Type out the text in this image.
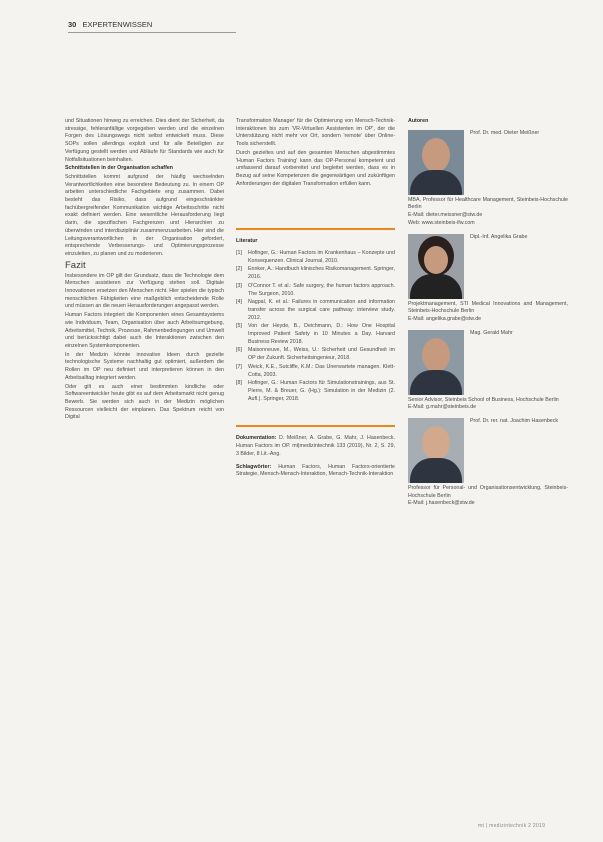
30 EXPERTENWISSEN

und Situationen hinweg zu erreichen. Dies dient der Sicherheit, da stressige, fehleranfällige vorgegeben werden und die einzelnen Forgen des Lösungswegs nicht selbst entwickelt muss. Diese SOPs sollen allerdings explizit und für alle Beteiligten zur Verfügung gestellt werden und Abläufe für Standards wie auch für Notfallsituationen beinhalten.

Schnittstellen in der Organisation schaffen

Schnittstellen kommt aufgrund der häufig wechselnden Verantwortlichkeiten eine besondere Bedeutung zu. In einem OP arbeiten unterschiedliche Fachgebiete eng zusammen. Dabei besteht das Risiko, dass aufgrund eingeschränkter fachübergreifender Kommunikation wichtige Arbeitsschritte nicht exakt definiert werden. Eine wesentliche Herausforderung liegt darin, die spezifischen Fachgrenzen und Hierarchien zu überwinden und interdisziplinär zusammenzuarbeiten. Hier sind die Leitungsverantwortlichen in der Organisation gefordert, entsprechende Verbesserungs- und Optimierungsprozesse einzuleiten, zu planen und zu moderieren.

Fazit

Insbesondere im OP gilt der Grundsatz, dass die Technologie dem Menschen assistieren zur Verfügung stehen soll. Digitale Innovationen ersetzen den Menschen nicht. Hier spielen die typisch menschlichen Fähigkeiten eine maßgeblich entscheidende Rolle und müssen an die neuen Herausforderungen angepasst werden.

Human Factors integriert die Komponenten eines Gesamtsystems wie Individuum, Team, Organisation über auch Arbeitsumgebung, Arbeitsmittel, Technik, Prozesse, Rahmenbedingungen und Umwelt und berücksichtigt dabei auch die Interaktionen zwischen den einzelnen Systemkomponenten.

In der Medizin könnte innovative Ideen durch gezielte technologische Systeme nachhaltig gut optimiert, außerdem die Rollen im OP neu definiert und interpretieren können in den Arbeitsalltag integriert werden.

Oder gilt es auch einer bestimmten kindliche oder Softwareentwickler heute gibt es auf dem Arbeitsmarkt nicht genug Bewerb. Sie werden sich auch in der Medizin möglichen Ressourcen vielleicht der einplanen. Das Spektrum reicht von Digital

Transformation Manager' für die Optimierung von Mensch-Technik-Interaktionen bis zum 'VR-Virtuellen Assistenten im OP', der die Unterstützung nicht mehr vor Ort, sondern 'remote' über Online-Tools sicherstellt.

Durch gezieltes und auf den gesamten Menschen abgestimmtes 'Human Factors Training' kann das OP-Personal kompetent und umfassend darauf vorbereitet und begleitet werden, dass es in Bezug auf seine Kompetenzen die gegenwärtigen und zukünftigen Anforderungen der digitalen Transformation erfüllen kann.

Literatur
[1]	Hofinger, G.: Human Factors im Krankenhaus – Konzepte und Konsequenzen. Clinical Journal, 2010.
[2]	Ennker, A.: Handbuch klinisches Risikomanagement. Springer, 2016.
[3]	O'Connor T. et al.: Safe surgery, the human factors approach. The Surgeon, 2010.
[4]	Nagpal, K. et al.: Failures in communication and information transfer across the surgical care pathway: interview study. 2012.
[5]	Von der Heyde, B., Deichmann, D.: How One Hospital Improved Patient Safety in 10 Minutes a Day. Harvard Business Review 2018.
[6]	Maisonneuve, M., Weiss, U.: Sicherheit und Gesundheit im OP der Zukunft. Sicherheitsingenieur, 2018.
[7]	Weick, K.E., Sutcliffe, K.M.: Das Unerwartete managen. Klett-Cotta, 2003.
[8]	Hofinger, G.: Human Factors für Simulationstrainings, aus St. Pierre, M. & Breuer, G. (Hg.): Simulation in der Medizin (2. Aufl.). Springer, 2018.

Dokumentation: D. Meißner, A. Grabe, G. Mahr, J. Hasenbeck. Human Factors im OP. mt|medizintechnik 133 (2019), Nr. 2, S. 29, 3 Bilder, 8 Lit.-Ang.

Schlagwörter: Human Factors, Human Factors-orientierte Strategie, Mensch-Mensch-Interaktion, Mensch-Technik-Interaktion

Autoren
Prof. Dr. med. Dieter Meißner
MBA, Professor für Healthcare Management, Steinbeis-Hochschule Berlin
E-Mail: dieter.meissner@stw.de
Web: www.steinbeis-ifw.com
Dipl.-Inf. Angelika Grabe
Projektmanagement, STI Medical Innovations and Management, Steinbeis-Hochschule Berlin
E-Mail: angelika.grabe@stw.de
Mag. Gerald Mahr
Senior Advisor, Steinbeis School of Business, Hochschule Berlin
E-Mail: g.mahr@steinbeis.de
Prof. Dr. rer. nat. Joachim Hasenbeck
Professor für Personal- und Organisationsentwicklung, Steinbeis-Hochschule Berlin
E-Mail: j.hasenbeck@stw.de
mt | medizintechnik 2 2019
